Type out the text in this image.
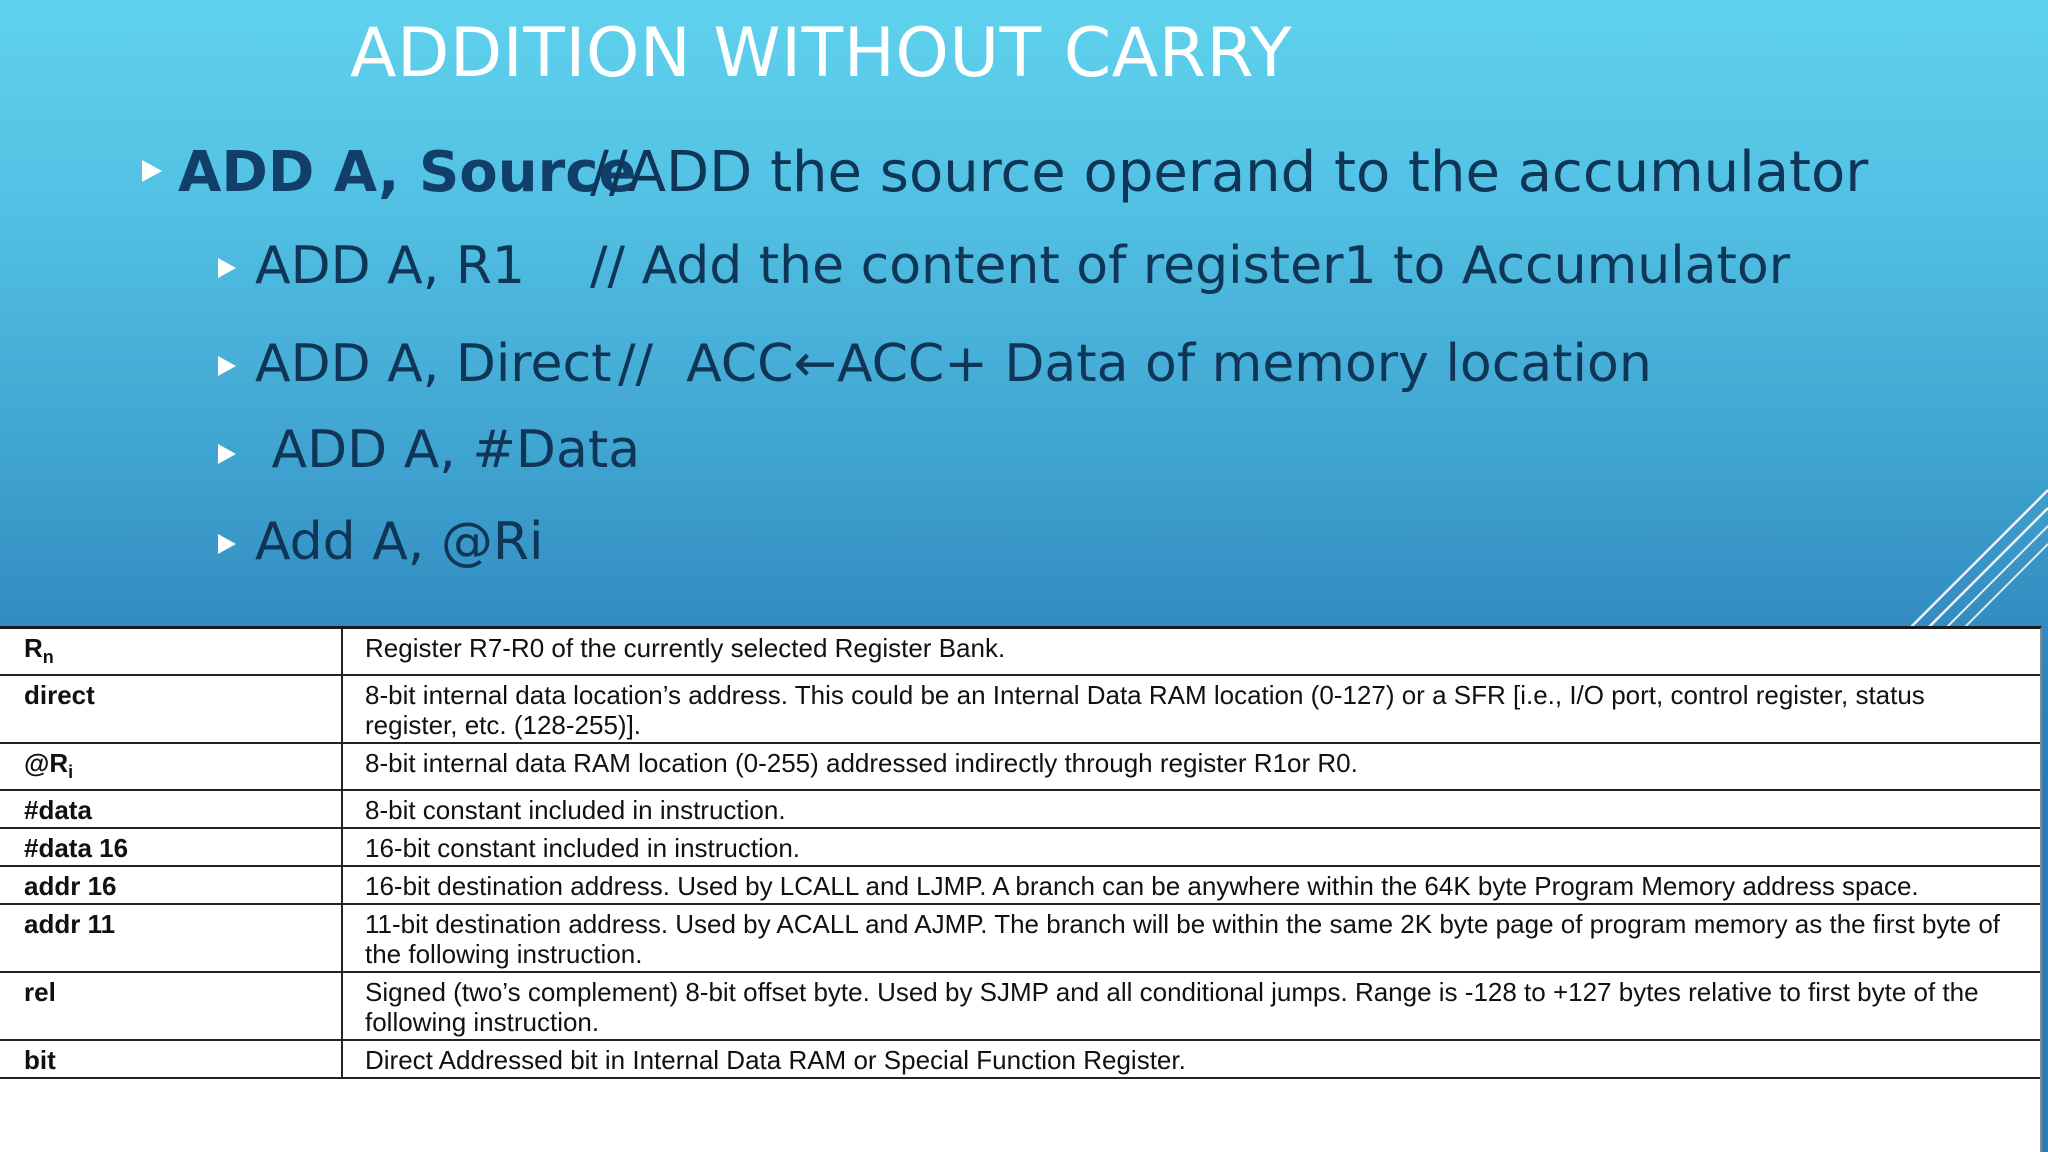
ADDITION WITHOUT CARRY
ADD A, Source
//ADD the source operand to the accumulator
ADD A, R1 // Add the content of register1 to Accumulator
ADD A, Direct //  ACC←ACC+ Data of memory location
ADD A, #Data
Add A, @Ri
$R_n$	Register R7-R0 of the currently selected Register Bank.
direct	8-bit internal data location’s address. This could be an Internal Data RAM location (0-127) or a SFR [i.e., I/O port, control register, status register, etc. (128-255)].
$@R_i$	8-bit internal data RAM location (0-255) addressed indirectly through register R1or R0.
#data	8-bit constant included in instruction.
#data 16	16-bit constant included in instruction.
addr 16	16-bit destination address. Used by LCALL and LJMP. A branch can be anywhere within the 64K byte Program Memory address space.
addr 11	11-bit destination address. Used by ACALL and AJMP. The branch will be within the same 2K byte page of program memory as the first byte of the following instruction.
rel	Signed (two’s complement) 8-bit offset byte. Used by SJMP and all conditional jumps. Range is -128 to +127 bytes relative to first byte of the following instruction.
bit	Direct Addressed bit in Internal Data RAM or Special Function Register.
